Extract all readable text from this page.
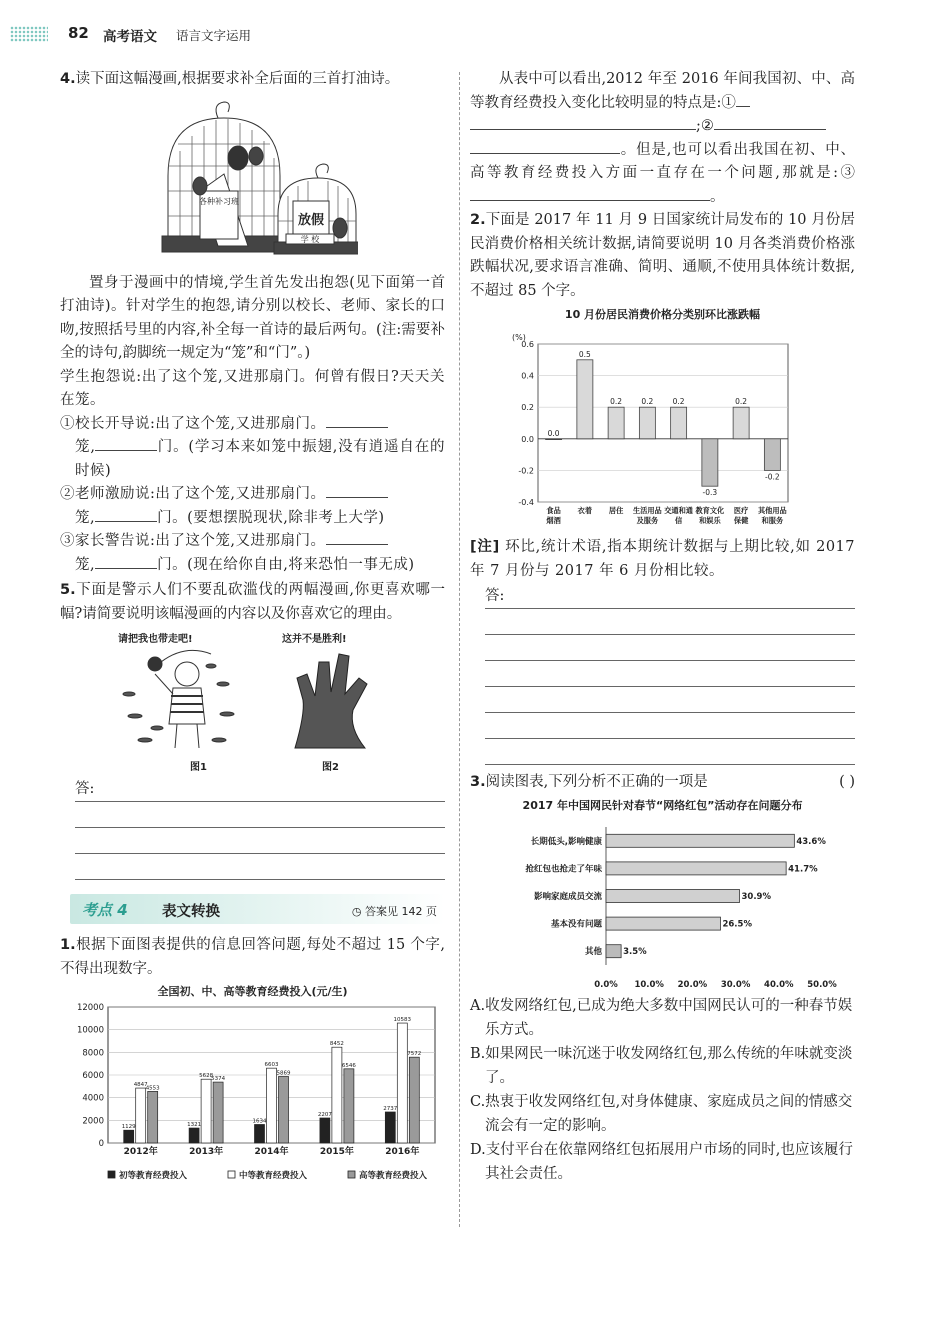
82 高考语文 语言文字运用

4.读下面这幅漫画,根据要求补全后面的三首打油诗。

各种补习班
放假
学 校

置身于漫画中的情境,学生首先发出抱怨(见下面第一首打油诗)。针对学生的抱怨,请分别以校长、老师、家长的口吻,按照括号里的内容,补全每一首诗的最后两句。(注:需要补全的诗句,韵脚统一规定为“笼”和“门”。)

学生抱怨说:出了这个笼,又进那扇门。何曾有假日?天天关在笼。

①校长开导说:出了这个笼,又进那扇门。

笼,	门。(学习本来如笼中振翅,没有逍遥自在的时候)

②老师激励说:出了这个笼,又进那扇门。

笼,	门。(要想摆脱现状,除非考上大学)

③家长警告说:出了这个笼,又进那扇门。

笼,	门。(现在给你自由,将来恐怕一事无成)

5.下面是警示人们不要乱砍滥伐的两幅漫画,你更喜欢哪一幅?请简要说明该幅漫画的内容以及你喜欢它的理由。

请把我也带走吧!	这并不是胜利!
图1	图2
答:
考点 4 表文转换	◷ 答案见 142 页

1.根据下面图表提供的信息回答问题,每处不超过 15 个字,不得出现数字。

全国初、中、高等教育经费投入(元/生)
0
2000
4000
6000
8000
10000
12000
1129
4847
4553
2012年
1321
5628
5374
2013年
1634
6603
5869
2014年
2207
8452
6546
2015年
2737
10583
7572
2016年
初等教育经费投入	中等教育经费投入	高等教育经费投入

从表中可以看出,2012 年至 2016 年间我国初、中、高等教育经费投入变化比较明显的特点是:①

;②

。但是,也可以看出我国在初、中、高等教育经费投入方面一直存在一个问题,那就是:③。

2.下面是 2017 年 11 月 9 日国家统计局发布的 10 月份居民消费价格相关统计数据,请简要说明 10 月各类消费价格涨跌幅状况,要求语言准确、简明、通顺,不使用具体统计数据,不超过 85 个字。

10 月份居民消费价格分类别环比涨跌幅
(%)
-0.4
-0.2
0.0
0.2
0.4
0.6
0.0
食品
烟酒
0.5
衣着
0.2
居住
0.2
生活用品
及服务
0.2
交通和通
信
-0.3
教育文化
和娱乐
0.2
医疗
保健
-0.2
其他用品
和服务

[注] 环比,统计术语,指本期统计数据与上期比较,如 2017 年 7 月份与 2017 年 6 月份相比较。

答:

3.阅读图表,下列分析不正确的一项是	( )

2017 年中国网民针对春节“网络红包”活动存在问题分布
43.6%
长期低头,影响健康
41.7%
抢红包也抢走了年味
30.9%
影响家庭成员交流
26.5%
基本没有问题
3.5%
其他
0.0% 10.0% 20.0% 30.0% 40.0% 50.0%
A.收发网络红包,已成为绝大多数中国网民认可的一种春节娱乐方式。
B.如果网民一味沉迷于收发网络红包,那么传统的年味就变淡了。
C.热衷于收发网络红包,对身体健康、家庭成员之间的情感交流会有一定的影响。
D.支付平台在依靠网络红包拓展用户市场的同时,也应该履行其社会责任。
